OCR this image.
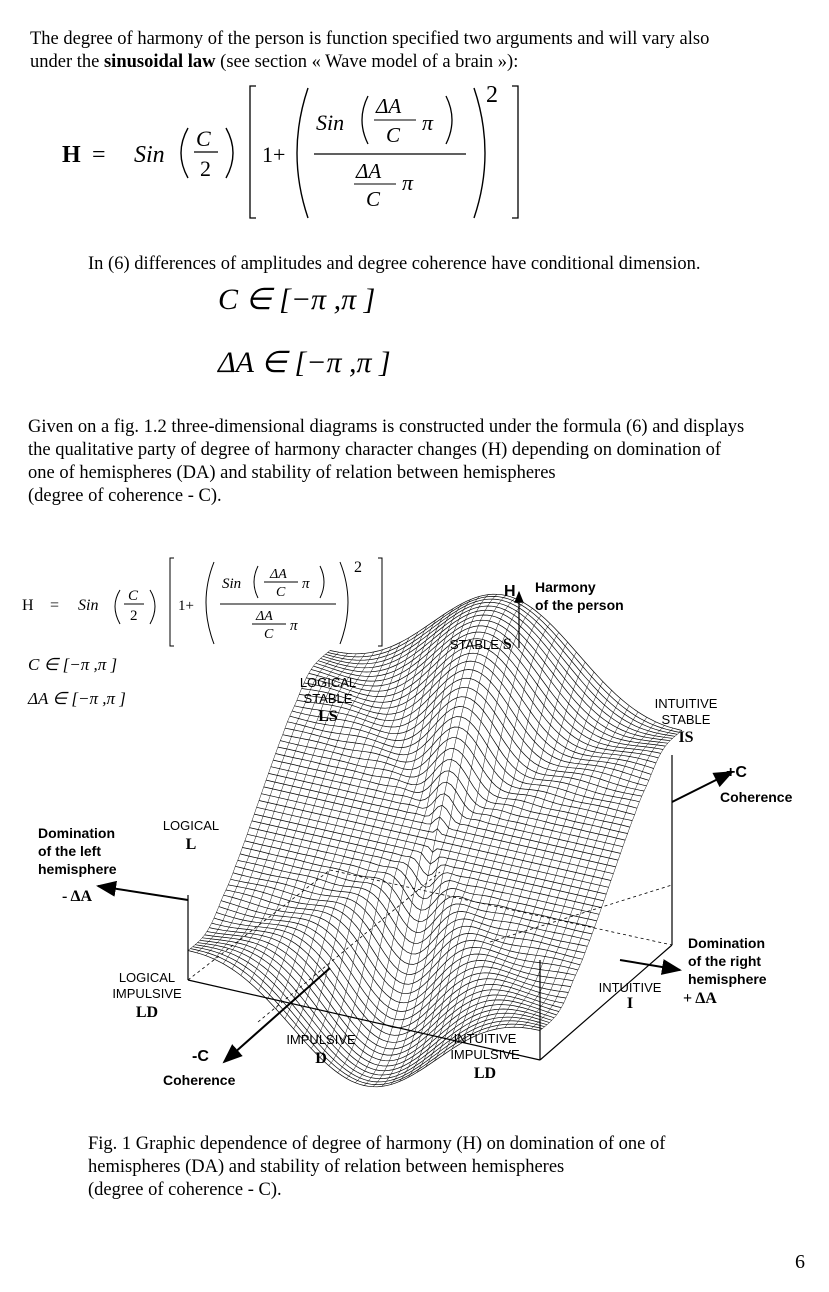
The degree of harmony of the person is function specified two arguments and will vary also

under the sinusoidal law (see section « Wave model of a brain »):

H = Sin
C
2
1+
Sin
ΔA
C π
ΔA
C
π
2
In (6) differences of amplitudes and degree coherence have conditional dimension.
C ∈ [−π ,π ]
ΔA ∈ [−π ,π ]

Given on a fig. 1.2 three-dimensional diagrams is constructed under the formula (6) and displays

the qualitative party of degree of harmony character changes (H) depending on domination of

one of hemispheres (DA) and stability of relation between hemispheres

(degree of coherence - C).

H = Sin
C
2
1+
Sin
ΔA
C
π
ΔA
C
π
2
C ∈ [−π ,π ]
ΔA ∈ [−π ,π ]
H Harmony
of the person
STABLE S
LOGICAL
STABLE
LS
INTUITIVE
STABLE
IS
+C
Coherence
Domination
of the left
hemisphere
- ΔA
LOGICAL
L
Domination
of the right
hemisphere
+ ΔA
INTUITIVE
I
LOGICAL
IMPULSIVE
LD
IMPULSIVE
D
INTUITIVE
IMPULSIVE
LD
-C
Coherence

Fig. 1 Graphic dependence of degree of harmony (H) on domination of one of

hemispheres (DA) and stability of relation between hemispheres

(degree of coherence - C).

6
